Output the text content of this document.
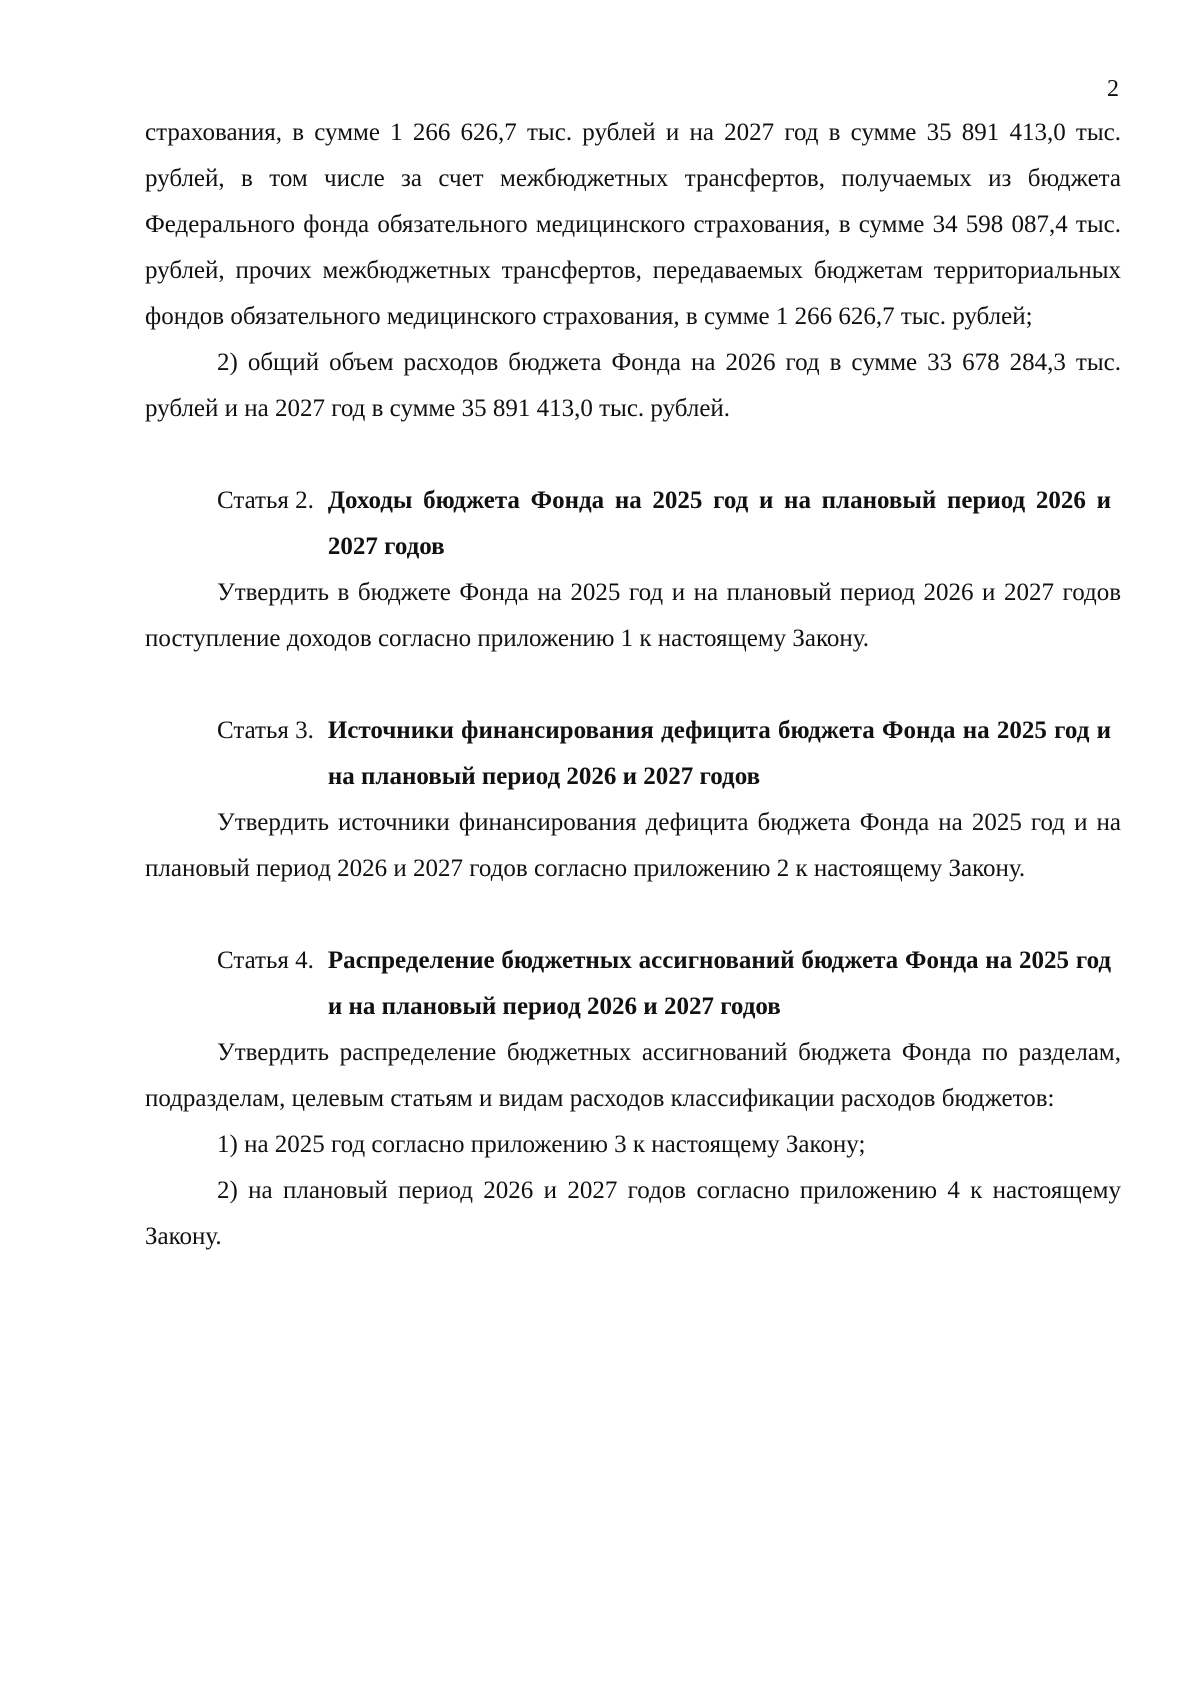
2

страхования, в сумме 1 266 626,7 тыс. рублей и на 2027 год в сумме 35 891 413,0 тыс. рублей, в том числе за счет межбюджетных трансфертов, получаемых из бюджета Федерального фонда обязательного медицинского страхования, в сумме 34 598 087,4 тыс. рублей, прочих межбюджетных трансфертов, передаваемых бюджетам территориальных фондов обязательного медицинского страхования, в сумме 1 266 626,7 тыс. рублей;

2) общий объем расходов бюджета Фонда на 2026 год в сумме 33 678 284,3 тыс. рублей и на 2027 год в сумме 35 891 413,0 тыс. рублей.

Статья 2. Доходы бюджета Фонда на 2025 год и на плановый период 2026 и 2027 годов

Утвердить в бюджете Фонда на 2025 год и на плановый период 2026 и 2027 годов поступление доходов согласно приложению 1 к настоящему Закону.

Статья 3. Источники финансирования дефицита бюджета Фонда на 2025 год и на плановый период 2026 и 2027 годов

Утвердить источники финансирования дефицита бюджета Фонда на 2025 год и на плановый период 2026 и 2027 годов согласно приложению 2 к настоящему Закону.

Статья 4. Распределение бюджетных ассигнований бюджета Фонда на 2025 год и на плановый период 2026 и 2027 годов

Утвердить распределение бюджетных ассигнований бюджета Фонда по разделам, подразделам, целевым статьям и видам расходов классификации расходов бюджетов:

1) на 2025 год согласно приложению 3 к настоящему Закону;

2) на плановый период 2026 и 2027 годов согласно приложению 4 к настоящему Закону.
